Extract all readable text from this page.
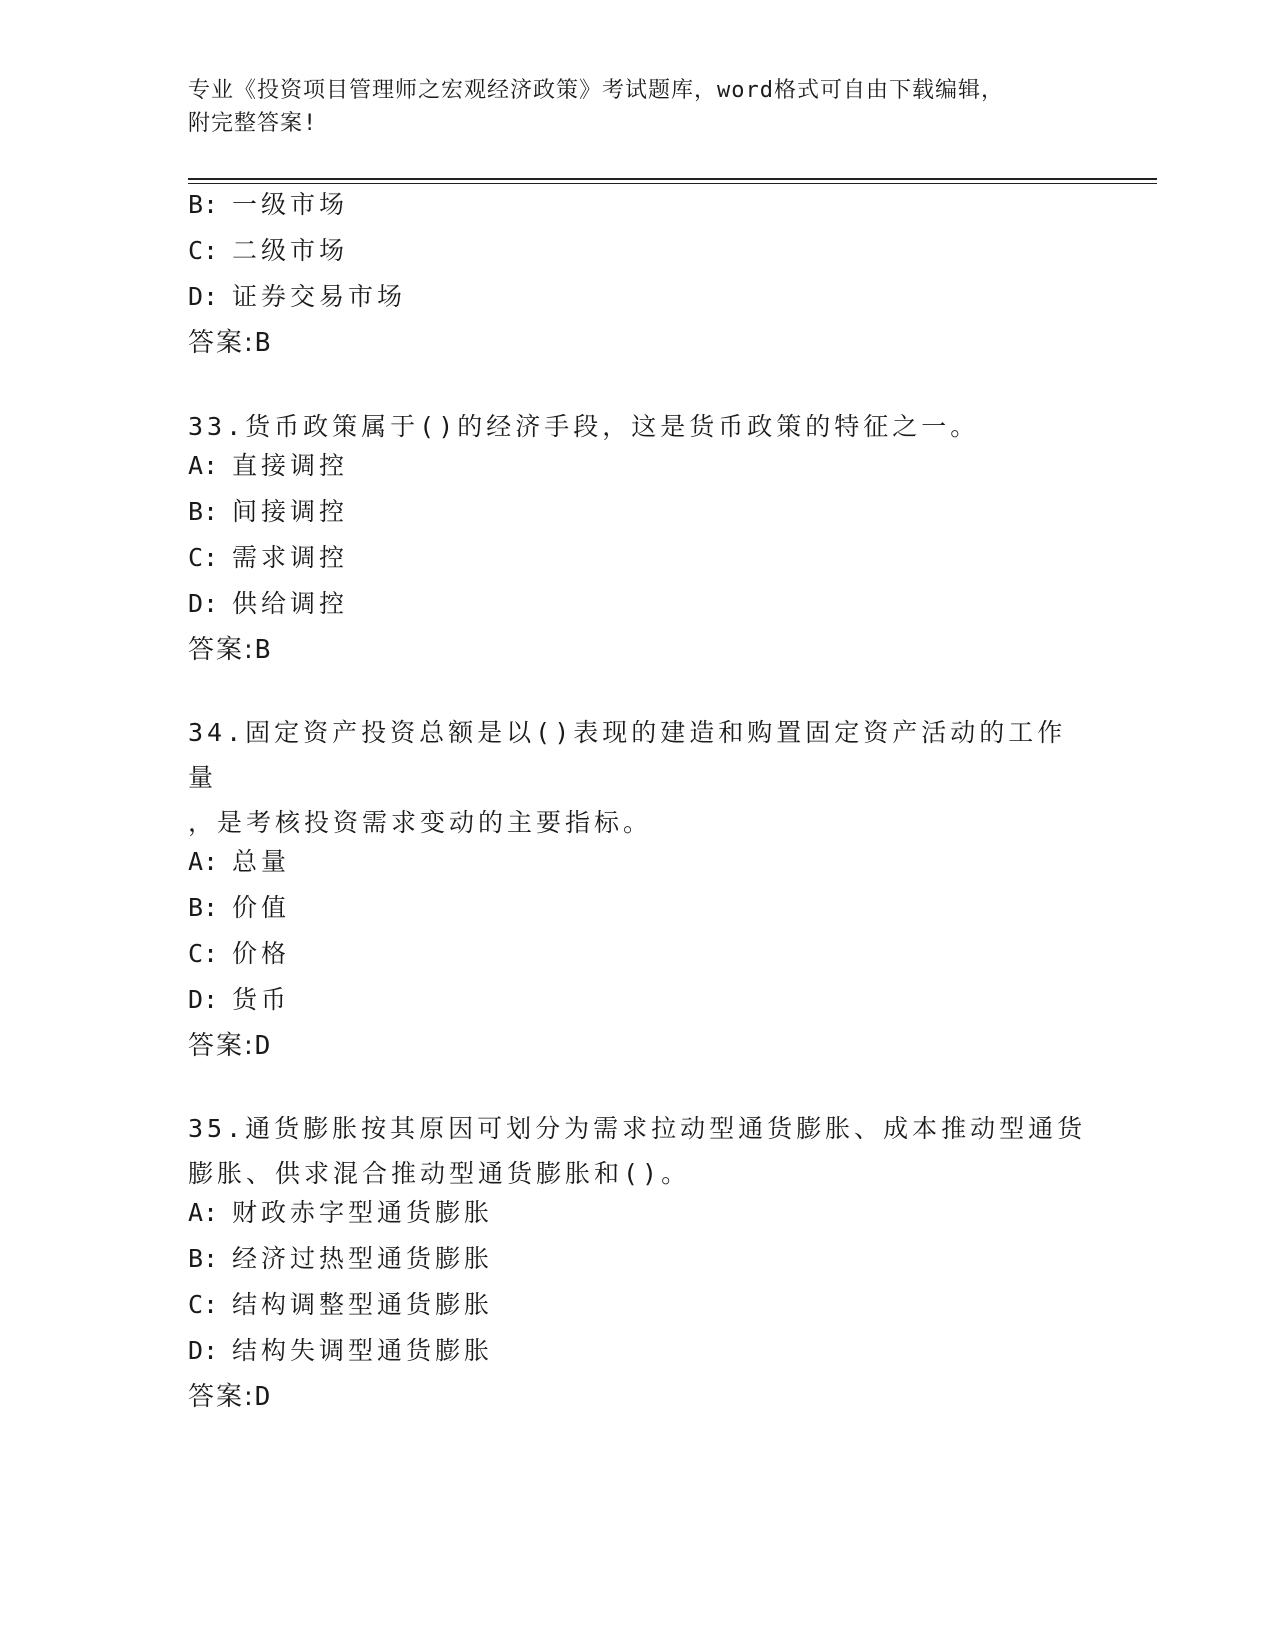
专业《投资项目管理师之宏观经济政策》考试题库，word格式可自由下载编辑，
附完整答案!
B: 一级市场
C: 二级市场
D: 证券交易市场
答案:B
33.货币政策属于()的经济手段，这是货币政策的特征之一。
A: 直接调控
B: 间接调控
C: 需求调控
D: 供给调控
答案:B
34.固定资产投资总额是以()表现的建造和购置固定资产活动的工作量
，是考核投资需求变动的主要指标。
A: 总量
B: 价值
C: 价格
D: 货币
答案:D
35.通货膨胀按其原因可划分为需求拉动型通货膨胀、成本推动型通货
膨胀、供求混合推动型通货膨胀和()。
A: 财政赤字型通货膨胀
B: 经济过热型通货膨胀
C: 结构调整型通货膨胀
D: 结构失调型通货膨胀
答案:D
